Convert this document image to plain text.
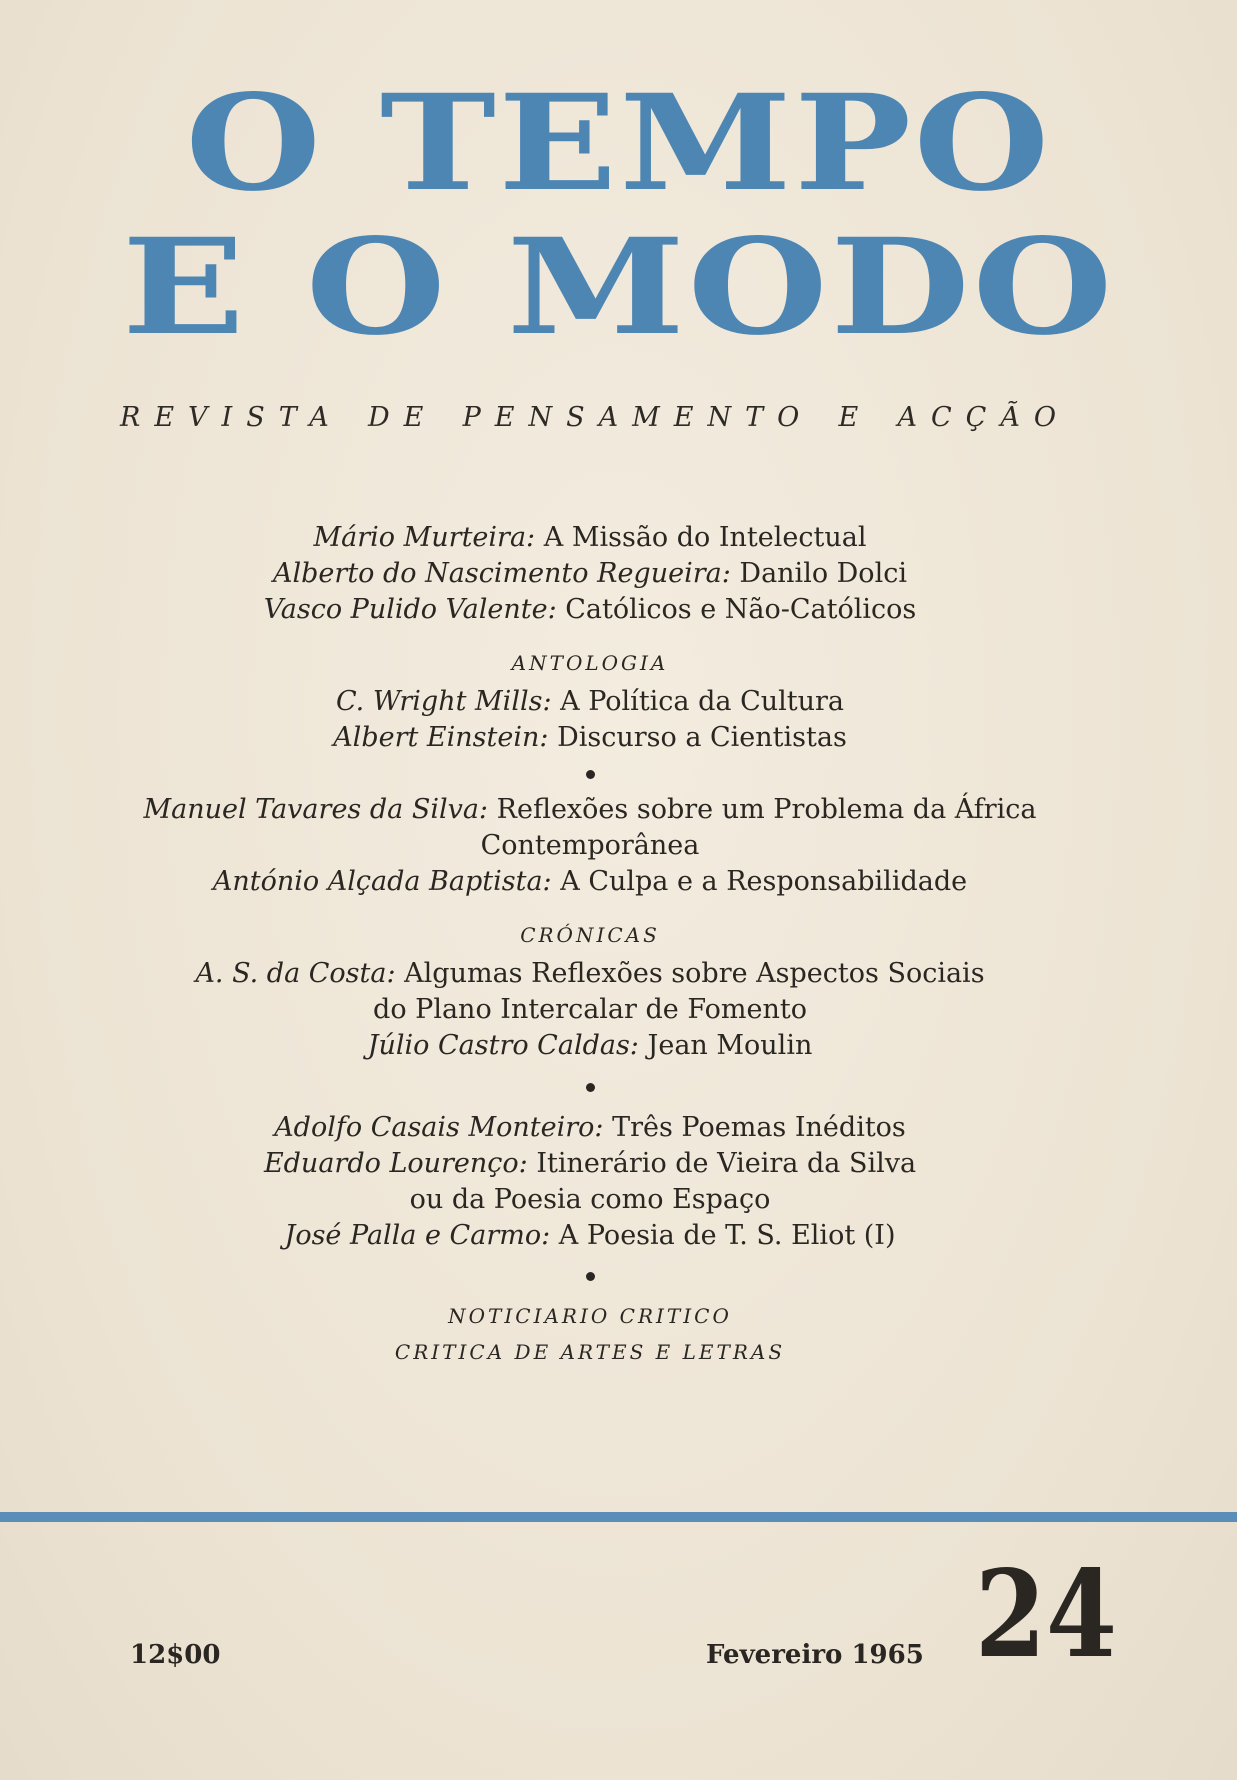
O TEMPO
E O MODO
REVISTA DE PENSAMENTO E ACÇÃO
Mário Murteira: A Missão do Intelectual
Alberto do Nascimento Regueira: Danilo Dolci
Vasco Pulido Valente: Católicos e Não-Católicos
ANTOLOGIA
C. Wright Mills: A Política da Cultura
Albert Einstein: Discurso a Cientistas
Manuel Tavares da Silva: Reflexões sobre um Problema da África
Contemporânea
António Alçada Baptista: A Culpa e a Responsabilidade
CRÓNICAS
A. S. da Costa: Algumas Reflexões sobre Aspectos Sociais
do Plano Intercalar de Fomento
Júlio Castro Caldas: Jean Moulin
Adolfo Casais Monteiro: Três Poemas Inéditos
Eduardo Lourenço: Itinerário de Vieira da Silva
ou da Poesia como Espaço
José Palla e Carmo: A Poesia de T. S. Eliot (I)
NOTICIARIO CRITICO
CRITICA DE ARTES E LETRAS
12$00	Fevereiro 1965 24
